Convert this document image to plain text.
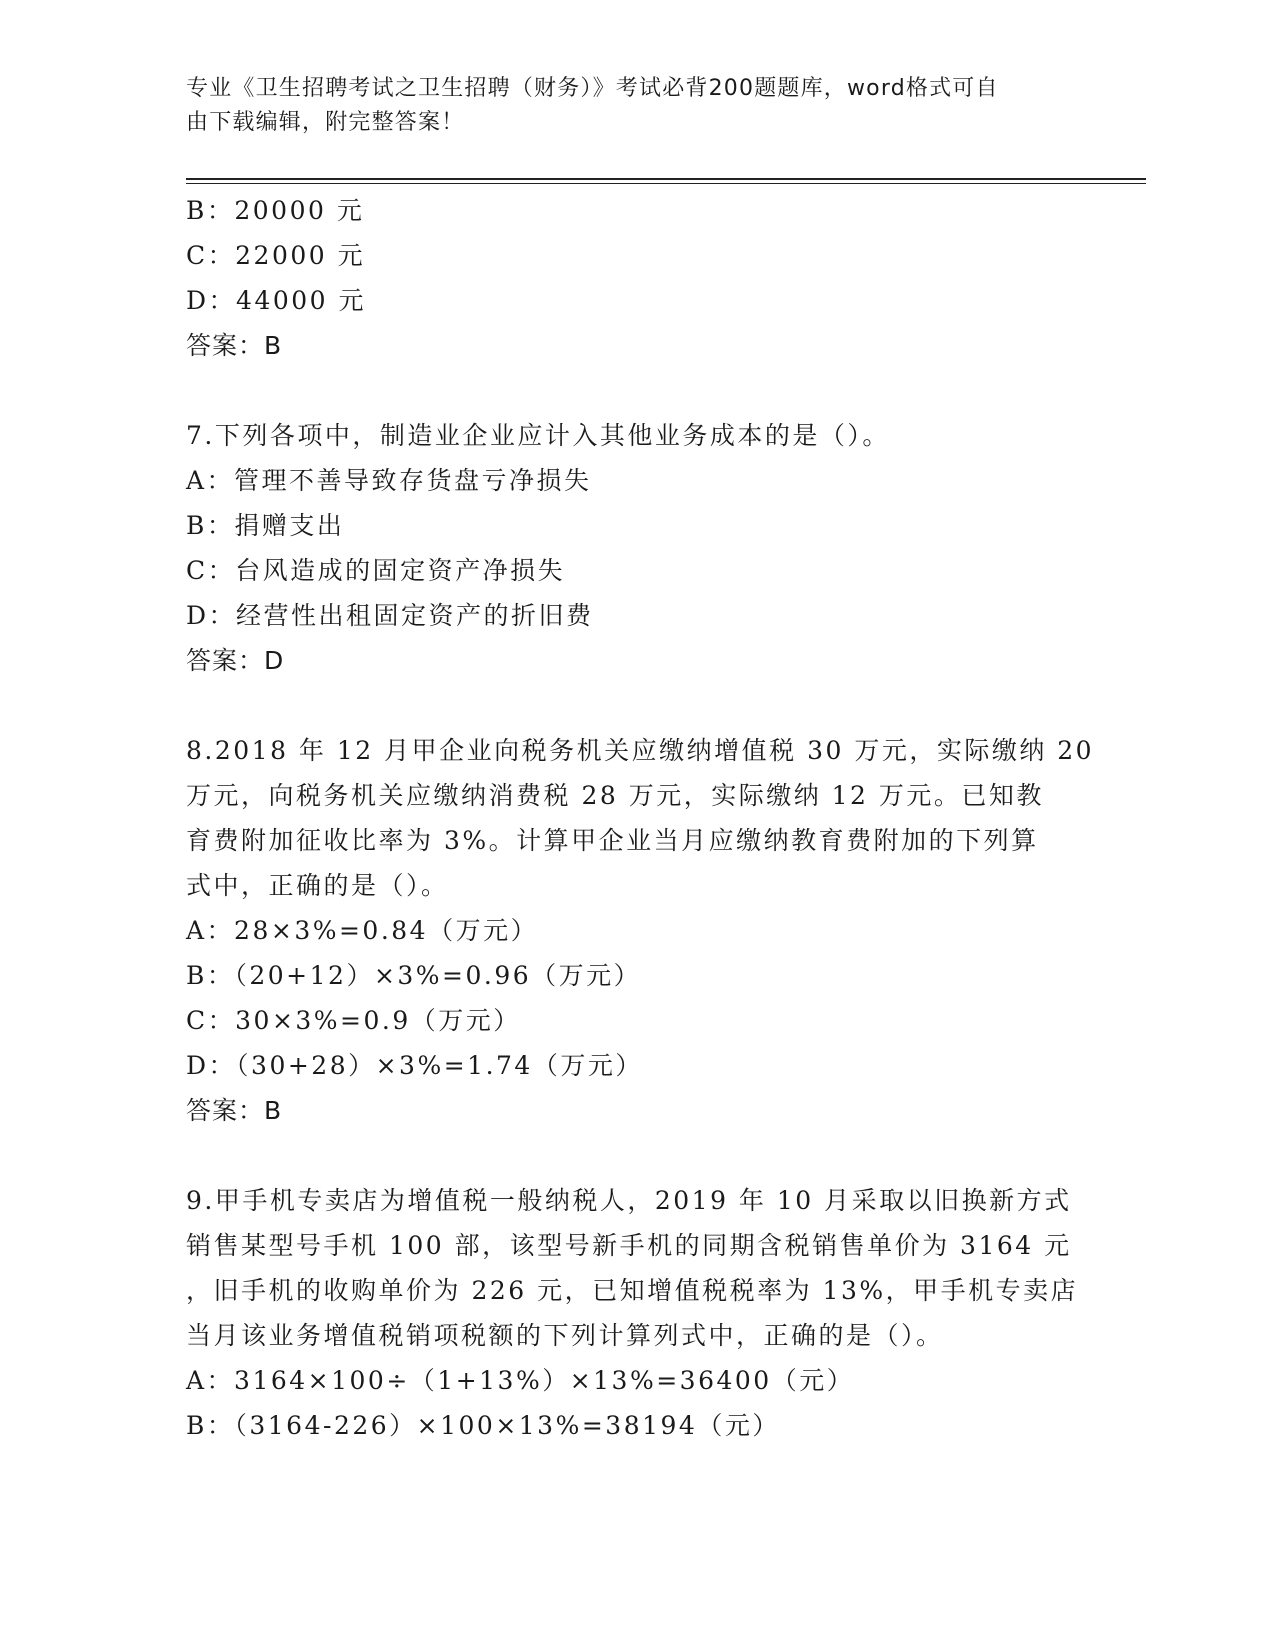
专业《卫生招聘考试之卫生招聘（财务）》考试必背200题题库，word格式可自
由下载编辑，附完整答案！
B：20000 元
C：22000 元
D：44000 元
答案：B
7.下列各项中，制造业企业应计入其他业务成本的是（）。
A：管理不善导致存货盘亏净损失
B：捐赠支出
C：台风造成的固定资产净损失
D：经营性出租固定资产的折旧费
答案：D
8.2018 年 12 月甲企业向税务机关应缴纳增值税 30 万元，实际缴纳 20
万元，向税务机关应缴纳消费税 28 万元，实际缴纳 12 万元。已知教
育费附加征收比率为 3%。计算甲企业当月应缴纳教育费附加的下列算
式中，正确的是（）。
A：28×3%=0.84（万元）
B：（20+12）×3%=0.96（万元）
C：30×3%=0.9（万元）
D：（30+28）×3%=1.74（万元）
答案：B
9.甲手机专卖店为增值税一般纳税人，2019 年 10 月采取以旧换新方式
销售某型号手机 100 部，该型号新手机的同期含税销售单价为 3164 元
，旧手机的收购单价为 226 元，已知增值税税率为 13%，甲手机专卖店
当月该业务增值税销项税额的下列计算列式中，正确的是（）。
A：3164×100÷（1+13%）×13%=36400（元）
B：（3164-226）×100×13%=38194（元）
